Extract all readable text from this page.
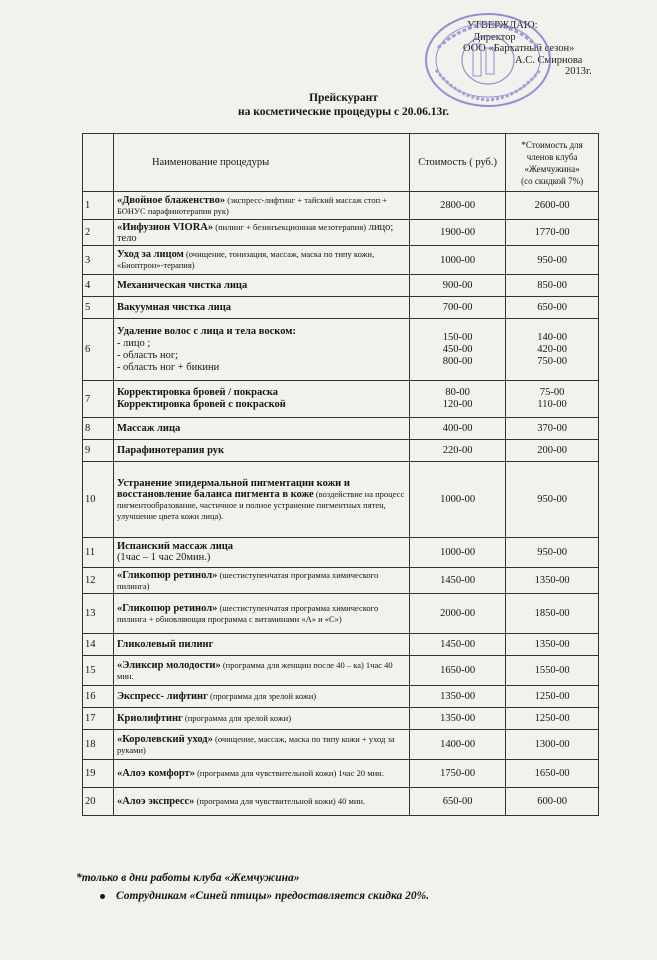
УТВЕРЖДАЮ:
Директор
ООО «Бархатный сезон»
А.С. Смирнова
2013г.
Прейскурант
на косметические процедуры с 20.06.13г.
	Наименование процедуры	Стоимость ( руб.)	*Стоимость для
членов клуба
«Жемчужина»
(со скидкой 7%)

1	«Двойное блаженство» (экспресс-лифтинг + тайский массаж стоп + БОНУС парафинотерапия рук)	2800-00	2600-00
2	«Инфузион VIORA» (пилинг + безинъекционная мезотерапия) лицо; тело	1900-00	1770-00
3	Уход за лицом (очищение, тонизация, массаж, маска по типу кожи, «Биоптрон»-терапия)	1000-00	950-00
4	Механическая чистка лица	900-00	850-00
5	Вакуумная чистка лица	700-00	650-00
6	Удаление волос с лица и тела воском:
- лицо ;
- область ног;
- область ног + бикини	150-00
450-00
800-00	140-00
420-00
750-00

7	Корректировка бровей / покраска
Корректировка бровей с покраской	80-00
120-00	75-00
110-00

8	Массаж лица	400-00	370-00
9	Парафинотерапия рук	220-00	200-00
10	Устранение эпидермальной пигментации кожи и восстановление баланса пигмента в коже (воздействие на процесс пигментообразование, частичное и полное устранение пигментных пятен, улучшение цвета кожи лица).	1000-00	950-00
11	Испанский массаж лица
(1час – 1 час 20мин.)	1000-00	950-00
12	«Гликопюр ретинол» (шестиступенчатая программа химического пилинга)	1450-00	1350-00
13	«Гликопюр ретинол» (шестиступенчатая программа химического пилинга + обновляющая программа с витаминами «А» и «С»)	2000-00	1850-00
14	Гликолевый пилинг	1450-00	1350-00
15	«Эликсир молодости» (программа для женщин после 40 – ка) 1час 40 мин.	1650-00	1550-00
16	Экспресс- лифтинг (программа для зрелой кожи)	1350-00	1250-00
17	Криолифтинг (программа для зрелой кожи)	1350-00	1250-00
18	«Королевский уход» (очищение, массаж, маска по типу кожи + уход за руками)	1400-00	1300-00
19	«Алоэ комфорт» (программа для чувствительной кожи) 1час 20 мин.	1750-00	1650-00
20	«Алоэ экспресс» (программа для чувствительной кожи) 40 мин.	650-00	600-00
*только в дни работы клуба «Жемчужина»
Сотрудникам «Синей птицы» предоставляется скидка 20%.
